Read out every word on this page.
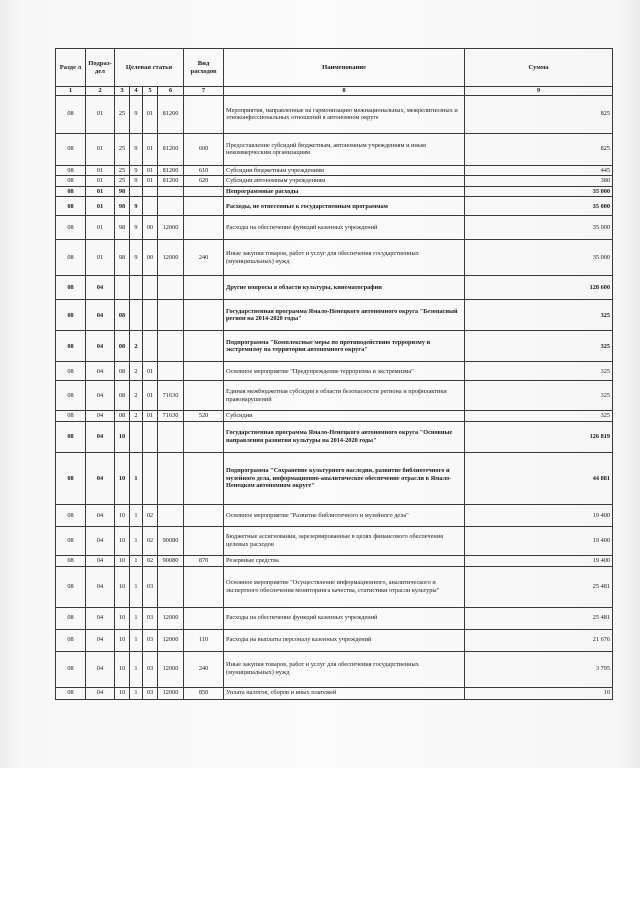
Разде л	Подраз- дел	Целевая статья				Вид расходов	Наименование	Сумма
1	2	3	4	5	6	7	8	9
08	01	25	9	01	81200		Мероприятия, направленные на гармонизацию межнациональных, межрелигиозных и этноконфессиональных отношений в автономном округе	825
08	01	25	9	01	81200	600	Предоставление субсидий бюджетным, автономным учреждениям и иным некоммерческим организациям	825
08	01	25	9	01	81200	610	Субсидии бюджетным учреждениям	445
08	01	25	9	01	81200	620	Субсидии автономным учреждениям	380
08	01	98					Непрограммные расходы	35 000
08	01	98	9				Расходы, не отнесенные к государственным программам	35 000
08	01	98	9	00	12000		Расходы на обеспечение функций казенных учреждений	35 000
08	01	98	9	00	12000	240	Иные закупки товаров, работ и услуг для обеспечения государственных (муниципальных) нужд	35 000
08	04						Другие вопросы в области культуры, кинематографии	128 600
08	04	08					Государственная программа Ямало-Ненецкого автономного округа "Безопасный регион на 2014-2020 годы"	325
08	04	08	2				Подпрограмма "Комплексные меры по противодействию терроризму и экстремизму на территории автономного округа"	325
08	04	08	2	01			Основное мероприятие "Предупреждение терроризма и экстремизма"	325
08	04	08	2	01	71630		Единая межбюджетная субсидия в области безопасности региона и профилактики правонарушений	325
08	04	08	2	01	71630	520	Субсидии	325
08	04	10					Государственная программа Ямало-Ненецкого автономного округа "Основные направления развития культуры на 2014-2020 годы"	126 819
08	04	10	1				Подпрограмма "Сохранение культурного наследия, развитие библиотечного и музейного дела, информационно-аналитическое обеспечение отрасли в Ямало-Ненецком автономном округе"	44 881
08	04	10	1	02			Основное мероприятие "Развитие библиотечного и музейного дела"	19 400
08	04	10	1	02	90080		Бюджетные ассигнования, зарезервированные в целях финансового обеспечения целевых расходов	19 400
08	04	10	1	02	90080	870	Резервные средства	19 400
08	04	10	1	03			Основное мероприятие "Осуществление информационного, аналитического и экспертного обеспечения мониторинга качества, статистики отрасли культуры"	25 481
08	04	10	1	03	12000		Расходы на обеспечение функций казенных учреждений	25 481
08	04	10	1	03	12000	110	Расходы на выплаты персоналу казенных учреждений	21 676
08	04	10	1	03	12000	240	Иные закупки товаров, работ и услуг для обеспечения государственных (муниципальных) нужд	3 795
08	04	10	1	03	12000	850	Уплата налогов, сборов и иных платежей	10
